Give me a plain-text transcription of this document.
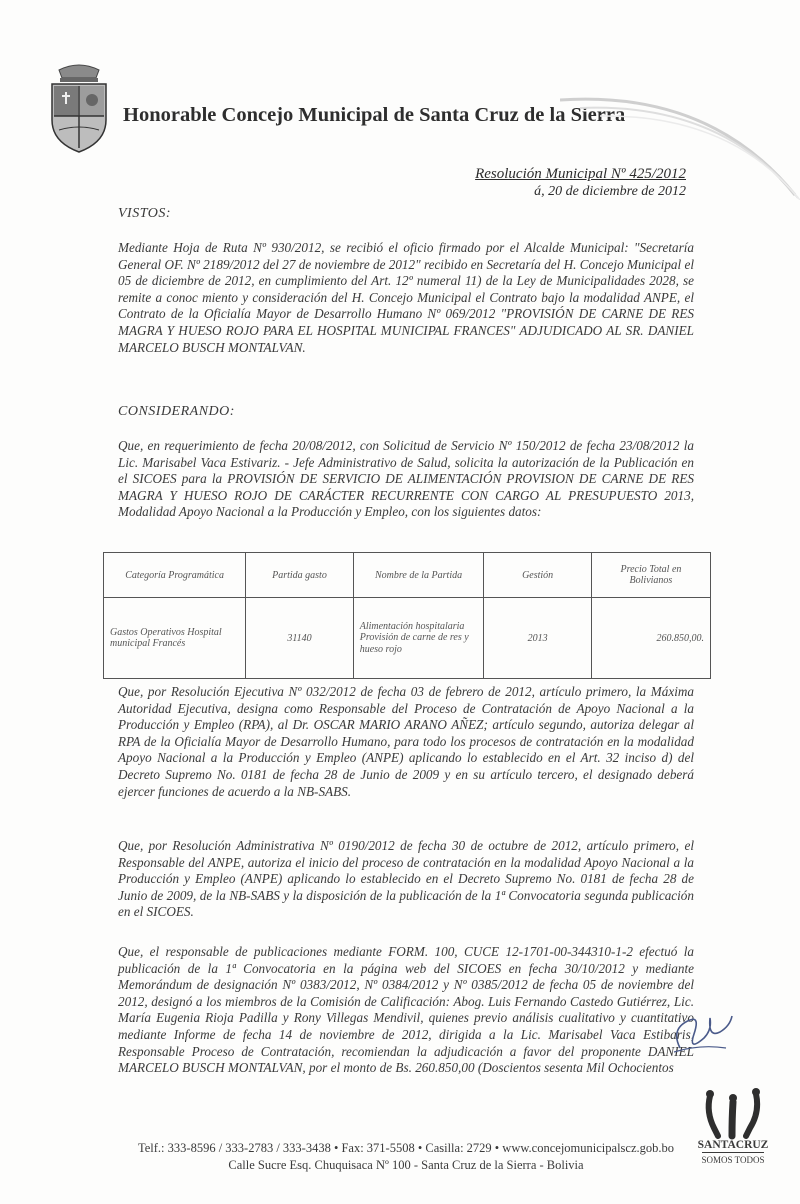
Honorable Concejo Municipal de Santa Cruz de la Sierra
Resolución Municipal Nº 425/2012
á, 20 de diciembre de 2012
VISTOS:
Mediante Hoja de Ruta Nº 930/2012, se recibió el oficio firmado por el Alcalde Municipal: "Secretaría General OF. Nº 2189/2012 del 27 de noviembre de 2012" recibido en Secretaría del H. Concejo Municipal el 05 de diciembre de 2012, en cumplimiento del Art. 12º numeral 11) de la Ley de Municipalidades 2028, se remite a conoc miento y consideración del H. Concejo Municipal el Contrato bajo la modalidad ANPE, el Contrato de la Oficialía Mayor de Desarrollo Humano Nº 069/2012 "PROVISIÓN DE CARNE DE RES MAGRA Y HUESO ROJO PARA EL HOSPITAL MUNICIPAL FRANCES" ADJUDICADO AL SR. DANIEL MARCELO BUSCH MONTALVAN.
CONSIDERANDO:
Que, en requerimiento de fecha 20/08/2012, con Solicitud de Servicio Nº 150/2012 de fecha 23/08/2012 la Lic. Marisabel Vaca Estivariz. - Jefe Administrativo de Salud, solicita la autorización de la Publicación en el SICOES para la PROVISIÓN DE SERVICIO DE ALIMENTACIÓN PROVISION DE CARNE DE RES MAGRA Y HUESO ROJO DE CARÁCTER RECURRENTE CON CARGO AL PRESUPUESTO 2013, Modalidad Apoyo Nacional a la Producción y Empleo, con los siguientes datos:
Categoría Programática	Partida gasto	Nombre de la Partida	Gestión	Precio Total en Bolivianos
Gastos Operativos Hospital municipal Francés	31140	Alimentación hospitalaria Provisión de carne de res y hueso rojo	2013	260.850,00.
Que, por Resolución Ejecutiva Nº 032/2012 de fecha 03 de febrero de 2012, artículo primero, la Máxima Autoridad Ejecutiva, designa como Responsable del Proceso de Contratación de Apoyo Nacional a la Producción y Empleo (RPA), al Dr. OSCAR MARIO ARANO AÑEZ; artículo segundo, autoriza delegar al RPA de la Oficialía Mayor de Desarrollo Humano, para todo los procesos de contratación en la modalidad Apoyo Nacional a la Producción y Empleo (ANPE) aplicando lo establecido en el Art. 32 inciso d) del Decreto Supremo No. 0181 de fecha 28 de Junio de 2009 y en su artículo tercero, el designado deberá ejercer funciones de acuerdo a la NB-SABS.
Que, por Resolución Administrativa Nº 0190/2012 de fecha 30 de octubre de 2012, artículo primero, el Responsable del ANPE, autoriza el inicio del proceso de contratación en la modalidad Apoyo Nacional a la Producción y Empleo (ANPE) aplicando lo establecido en el Decreto Supremo No. 0181 de fecha 28 de Junio de 2009, de la NB-SABS y la disposición de la publicación de la 1ª Convocatoria segunda publicación en el SICOES.
Que, el responsable de publicaciones mediante FORM. 100, CUCE 12-1701-00-344310-1-2 efectuó la publicación de la 1ª Convocatoria en la página web del SICOES en fecha 30/10/2012 y mediante Memorándum de designación Nº 0383/2012, Nº 0384/2012 y Nº 0385/2012 de fecha 05 de noviembre del 2012, designó a los miembros de la Comisión de Calificación: Abog. Luis Fernando Castedo Gutiérrez, Lic. María Eugenia Rioja Padilla y Rony Villegas Mendivil, quienes previo análisis cualitativo y cuantitativo mediante Informe de fecha 14 de noviembre de 2012, dirigida a la Lic. Marisabel Vaca Estibaris, Responsable Proceso de Contratación, recomiendan la adjudicación a favor del proponente DANIEL MARCELO BUSCH MONTALVAN, por el monto de Bs. 260.850,00 (Doscientos sesenta Mil Ochocientos
Telf.: 333-8596 / 333-2783 / 333-3438 • Fax: 371-5508 • Casilla: 2729 • www.concejomunicipalscz.gob.bo
Calle Sucre Esq. Chuquisaca Nº 100 - Santa Cruz de la Sierra - Bolivia
SANTACRUZ
SOMOS TODOS
